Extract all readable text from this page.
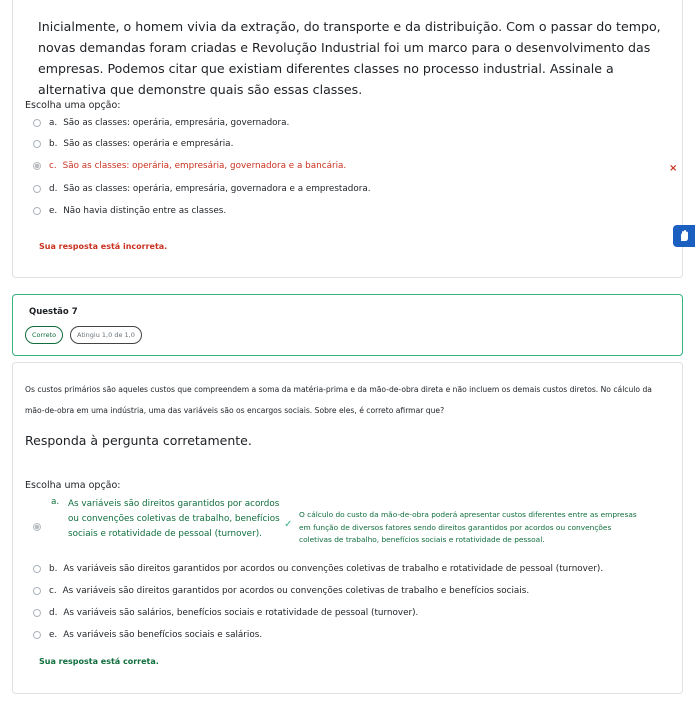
Inicialmente, o homem vivia da extração, do transporte e da distribuição. Com o passar do tempo, novas demandas foram criadas e Revolução Industrial foi um marco para o desenvolvimento das empresas. Podemos citar que existiam diferentes classes no processo industrial. Assinale a alternativa que demonstre quais são essas classes.
Escolha uma opção:
a. São as classes: operária, empresária, governadora.
b. São as classes: operária e empresária.
c. São as classes: operária, empresária, governadora e a bancária.	×
d. São as classes: operária, empresária, governadora e a emprestadora.
e. Não havia distinção entre as classes.
Sua resposta está incorreta.
Questão 7
Correto	Atingiu 1,0 de 1,0
Os custos primários são aqueles custos que compreendem a soma da matéria-prima e da mão-de-obra direta e não incluem os demais custos diretos. No cálculo da mão-de-obra em uma indústria, uma das variáveis são os encargos sociais. Sobre eles, é correto afirmar que?
Responda à pergunta corretamente.
Escolha uma opção:
a. As variáveis são direitos garantidos por acordos ou convenções coletivas de trabalho, benefícios sociais e rotatividade de pessoal (turnover).
✓
O cálculo do custo da mão-de-obra poderá apresentar custos diferentes entre as empresas em função de diversos fatores sendo direitos garantidos por acordos ou convenções coletivas de trabalho, benefícios sociais e rotatividade de pessoal.
b. As variáveis são direitos garantidos por acordos ou convenções coletivas de trabalho e rotatividade de pessoal (turnover).
c. As variáveis são direitos garantidos por acordos ou convenções coletivas de trabalho e benefícios sociais.
d. As variáveis são salários, benefícios sociais e rotatividade de pessoal (turnover).
e. As variáveis são benefícios sociais e salários.
Sua resposta está correta.
